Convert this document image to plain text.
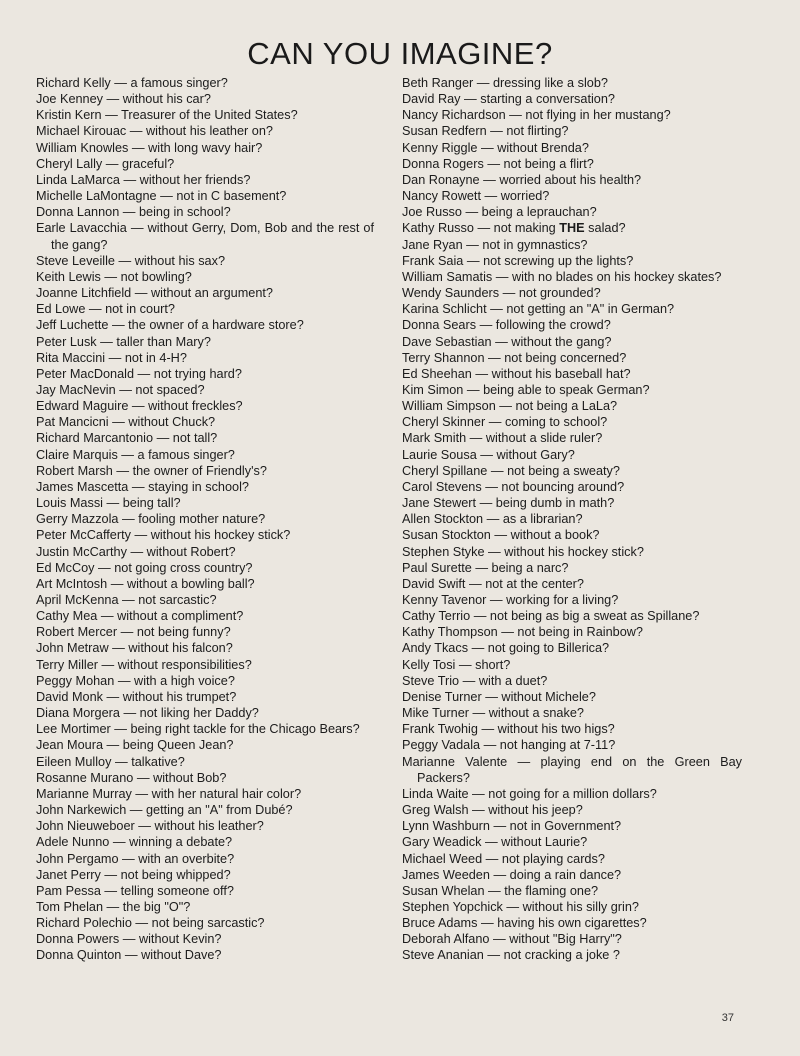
CAN YOU IMAGINE?
Richard Kelly — a famous singer?
Joe Kenney — without his car?
Kristin Kern — Treasurer of the United States?
Michael Kirouac — without his leather on?
William Knowles — with long wavy hair?
Cheryl Lally — graceful?
Linda LaMarca — without her friends?
Michelle LaMontagne — not in C basement?
Donna Lannon — being in school?
Earle Lavacchia — without Gerry, Dom, Bob and the rest of the gang?
Steve Leveille — without his sax?
Keith Lewis — not bowling?
Joanne Litchfield — without an argument?
Ed Lowe — not in court?
Jeff Luchette — the owner of a hardware store?
Peter Lusk — taller than Mary?
Rita Maccini — not in 4-H?
Peter MacDonald — not trying hard?
Jay MacNevin — not spaced?
Edward Maguire — without freckles?
Pat Mancicni — without Chuck?
Richard Marcantonio — not tall?
Claire Marquis — a famous singer?
Robert Marsh — the owner of Friendly's?
James Mascetta — staying in school?
Louis Massi — being tall?
Gerry Mazzola — fooling mother nature?
Peter McCafferty — without his hockey stick?
Justin McCarthy — without Robert?
Ed McCoy — not going cross country?
Art McIntosh — without a bowling ball?
April McKenna — not sarcastic?
Cathy Mea — without a compliment?
Robert Mercer — not being funny?
John Metraw — without his falcon?
Terry Miller — without responsibilities?
Peggy Mohan — with a high voice?
David Monk — without his trumpet?
Diana Morgera — not liking her Daddy?
Lee Mortimer — being right tackle for the Chicago Bears?
Jean Moura — being Queen Jean?
Eileen Mulloy — talkative?
Rosanne Murano — without Bob?
Marianne Murray — with her natural hair color?
John Narkewich — getting an "A" from Dubé?
John Nieuweboer — without his leather?
Adele Nunno — winning a debate?
John Pergamo — with an overbite?
Janet Perry — not being whipped?
Pam Pessa — telling someone off?
Tom Phelan — the big "O"?
Richard Polechio — not being sarcastic?
Donna Powers — without Kevin?
Donna Quinton — without Dave?
Beth Ranger — dressing like a slob?
David Ray — starting a conversation?
Nancy Richardson — not flying in her mustang?
Susan Redfern — not flirting?
Kenny Riggle — without Brenda?
Donna Rogers — not being a flirt?
Dan Ronayne — worried about his health?
Nancy Rowett — worried?
Joe Russo — being a leprauchan?
Kathy Russo — not making THE salad?
Jane Ryan — not in gymnastics?
Frank Saia — not screwing up the lights?
William Samatis — with no blades on his hockey skates?
Wendy Saunders — not grounded?
Karina Schlicht — not getting an "A" in German?
Donna Sears — following the crowd?
Dave Sebastian — without the gang?
Terry Shannon — not being concerned?
Ed Sheehan — without his baseball hat?
Kim Simon — being able to speak German?
William Simpson — not being a LaLa?
Cheryl Skinner — coming to school?
Mark Smith — without a slide ruler?
Laurie Sousa — without Gary?
Cheryl Spillane — not being a sweaty?
Carol Stevens — not bouncing around?
Jane Stewert — being dumb in math?
Allen Stockton — as a librarian?
Susan Stockton — without a book?
Stephen Styke — without his hockey stick?
Paul Surette — being a narc?
David Swift — not at the center?
Kenny Tavenor — working for a living?
Cathy Terrio — not being as big a sweat as Spillane?
Kathy Thompson — not being in Rainbow?
Andy Tkacs — not going to Billerica?
Kelly Tosi — short?
Steve Trio — with a duet?
Denise Turner — without Michele?
Mike Turner — without a snake?
Frank Twohig — without his two higs?
Peggy Vadala — not hanging at 7-11?
Marianne Valente — playing end on the Green Bay Packers?
Linda Waite — not going for a million dollars?
Greg Walsh — without his jeep?
Lynn Washburn — not in Government?
Gary Weadick — without Laurie?
Michael Weed — not playing cards?
James Weeden — doing a rain dance?
Susan Whelan — the flaming one?
Stephen Yopchick — without his silly grin?
Bruce Adams — having his own cigarettes?
Deborah Alfano — without "Big Harry"?
Steve Ananian — not cracking a joke ?
37
